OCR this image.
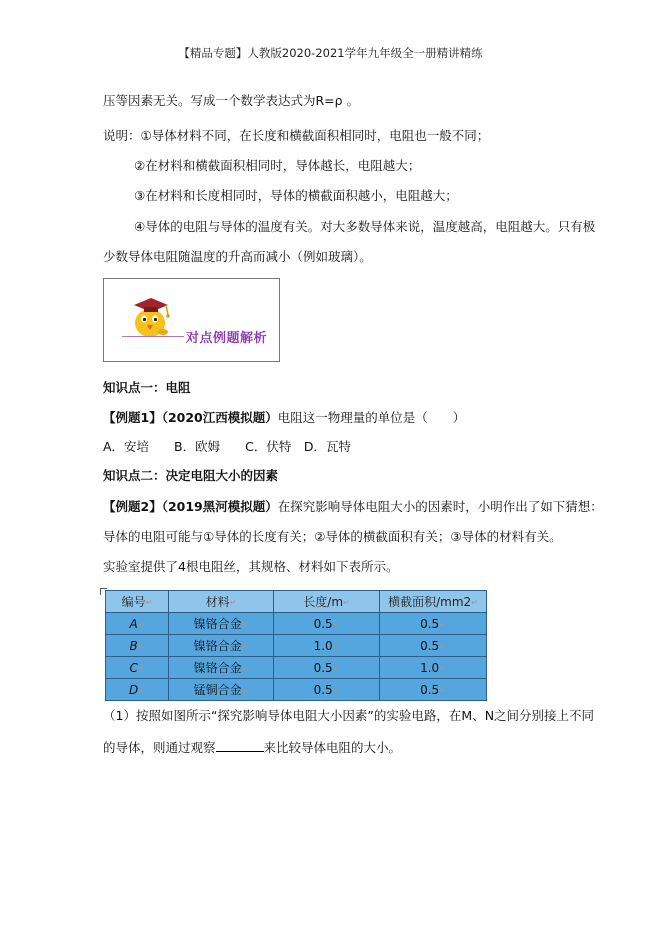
【精品专题】人教版2020-2021学年九年级全一册精讲精练
压等因素无关。写成一个数学表达式为R=ρ 。
说明：①导体材料不同，在长度和横截面积相同时，电阻也一般不同；
②在材料和横截面积相同时，导体越长，电阻越大；
③在材料和长度相同时，导体的横截面积越小，电阻越大；
④导体的电阻与导体的温度有关。对大多数导体来说，温度越高，电阻越大。只有极
少数导体电阻随温度的升高而减小（例如玻璃）。
对点例题解析
知识点一：电阻
【例题1】（2020江西模拟题）电阻这一物理量的单位是（　　）
A．安培　　B．欧姆　　C．伏特　D．瓦特
知识点二：决定电阻大小的因素
【例题2】（2019黑河模拟题）在探究影响导体电阻大小的因素时，小明作出了如下猜想：
导体的电阻可能与①导体的长度有关；②导体的横截面积有关；③导体的材料有关。
实验室提供了4根电阻丝，其规格、材料如下表所示。
编号↵	材料↵	长度/m↵	横截面积/mm2↵
A↵	镍铬合金↵	0.5↵	0.5↵
B↵	镍铬合金↵	1.0↵	0.5↵
C↵	镍铬合金↵	0.5↵	1.0↵
D↵	锰铜合金↵	0.5↵	0.5↵
（1）按照如图所示“探究影响导体电阻大小因素”的实验电路，在M、N之间分别接上不同
的导体，则通过观察	来比较导体电阻的大小。
